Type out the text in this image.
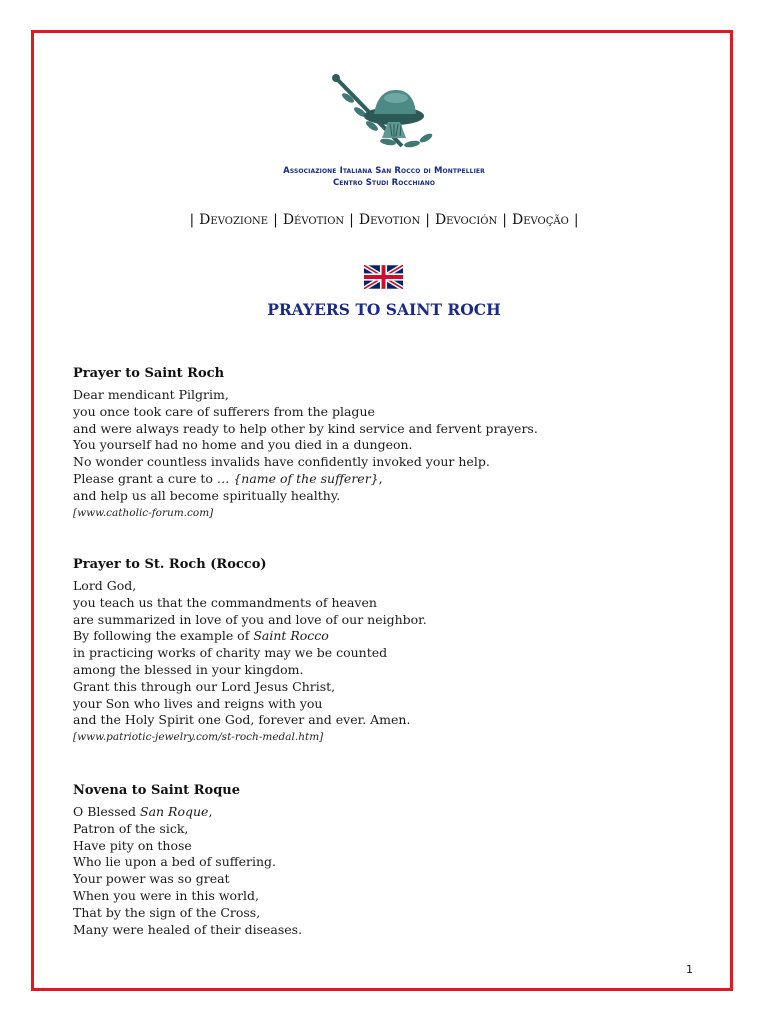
Associazione Italiana San Rocco di Montpellier
Centro Studi Rocchiano
| Devozione | Dévotion | Devotion | Devoción | Devoção |
PRAYERS TO SAINT ROCH
Prayer to Saint Roch
Dear mendicant Pilgrim,
you once took care of sufferers from the plague
and were always ready to help other by kind service and fervent prayers.
You yourself had no home and you died in a dungeon.
No wonder countless invalids have confidently invoked your help.
Please grant a cure to … {name of the sufferer},
and help us all become spiritually healthy.
[www.catholic-forum.com]
Prayer to St. Roch (Rocco)
Lord God,
you teach us that the commandments of heaven
are summarized in love of you and love of our neighbor.
By following the example of Saint Rocco
in practicing works of charity may we be counted
among the blessed in your kingdom.
Grant this through our Lord Jesus Christ,
your Son who lives and reigns with you
and the Holy Spirit one God, forever and ever. Amen.
[www.patriotic-jewelry.com/st-roch-medal.htm]
Novena to Saint Roque
O Blessed San Roque,
Patron of the sick,
Have pity on those
Who lie upon a bed of suffering.
Your power was so great
When you were in this world,
That by the sign of the Cross,
Many were healed of their diseases.
1
